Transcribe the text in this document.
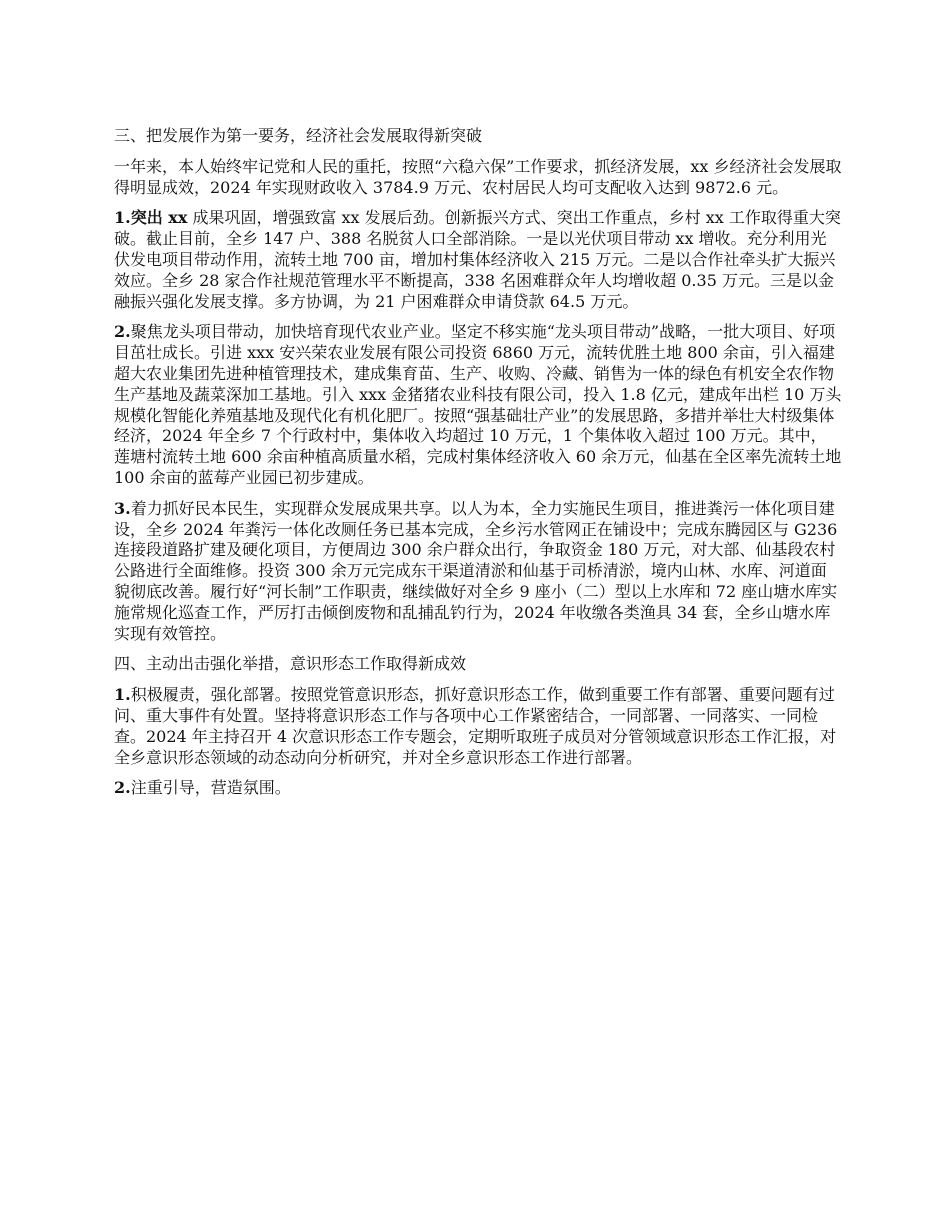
三、把发展作为第一要务，经济社会发展取得新突破
一年来，本人始终牢记党和人民的重托，按照“六稳六保”工作要求，抓经济发展，xx 乡经济社会发展取得明显成效，2024 年实现财政收入 3784.9 万元、农村居民人均可支配收入达到 9872.6 元。
1.突出 xx 成果巩固，增强致富 xx 发展后劲。创新振兴方式、突出工作重点，乡村 xx 工作取得重大突破。截止目前，全乡 147 户、388 名脱贫人口全部消除。一是以光伏项目带动 xx 增收。充分利用光伏发电项目带动作用，流转土地 700 亩，增加村集体经济收入 215 万元。二是以合作社牵头扩大振兴效应。全乡 28 家合作社规范管理水平不断提高，338 名困难群众年人均增收超 0.35 万元。三是以金融振兴强化发展支撑。多方协调，为 21 户困难群众申请贷款 64.5 万元。
2.聚焦龙头项目带动，加快培育现代农业产业。坚定不移实施“龙头项目带动”战略，一批大项目、好项目茁壮成长。引进 xxx 安兴荣农业发展有限公司投资 6860 万元，流转优胜土地 800 余亩，引入福建超大农业集团先进种植管理技术，建成集育苗、生产、收购、冷藏、销售为一体的绿色有机安全农作物生产基地及蔬菜深加工基地。引入 xxx 金猪猪农业科技有限公司，投入 1.8 亿元，建成年出栏 10 万头规模化智能化养殖基地及现代化有机化肥厂。按照“强基础壮产业”的发展思路，多措并举壮大村级集体经济，2024 年全乡 7 个行政村中，集体收入均超过 10 万元，1 个集体收入超过 100 万元。其中，莲塘村流转土地 600 余亩种植高质量水稻，完成村集体经济收入 60 余万元，仙基在全区率先流转土地 100 余亩的蓝莓产业园已初步建成。
3.着力抓好民本民生，实现群众发展成果共享。以人为本，全力实施民生项目，推进粪污一体化项目建设，全乡 2024 年粪污一体化改厕任务已基本完成，全乡污水管网正在铺设中；完成东腾园区与 G236 连接段道路扩建及硬化项目，方便周边 300 余户群众出行，争取资金 180 万元，对大部、仙基段农村公路进行全面维修。投资 300 余万元完成东干渠道清淤和仙基于司桥清淤，境内山林、水库、河道面貌彻底改善。履行好“河长制”工作职责，继续做好对全乡 9 座小（二）型以上水库和 72 座山塘水库实施常规化巡查工作，严厉打击倾倒废物和乱捕乱钓行为，2024 年收缴各类渔具 34 套，全乡山塘水库实现有效管控。
四、主动出击强化举措，意识形态工作取得新成效
1.积极履责，强化部署。按照党管意识形态，抓好意识形态工作，做到重要工作有部署、重要问题有过问、重大事件有处置。坚持将意识形态工作与各项中心工作紧密结合，一同部署、一同落实、一同检查。2024 年主持召开 4 次意识形态工作专题会，定期听取班子成员对分管领域意识形态工作汇报，对全乡意识形态领域的动态动向分析研究，并对全乡意识形态工作进行部署。
2.注重引导，营造氛围。
